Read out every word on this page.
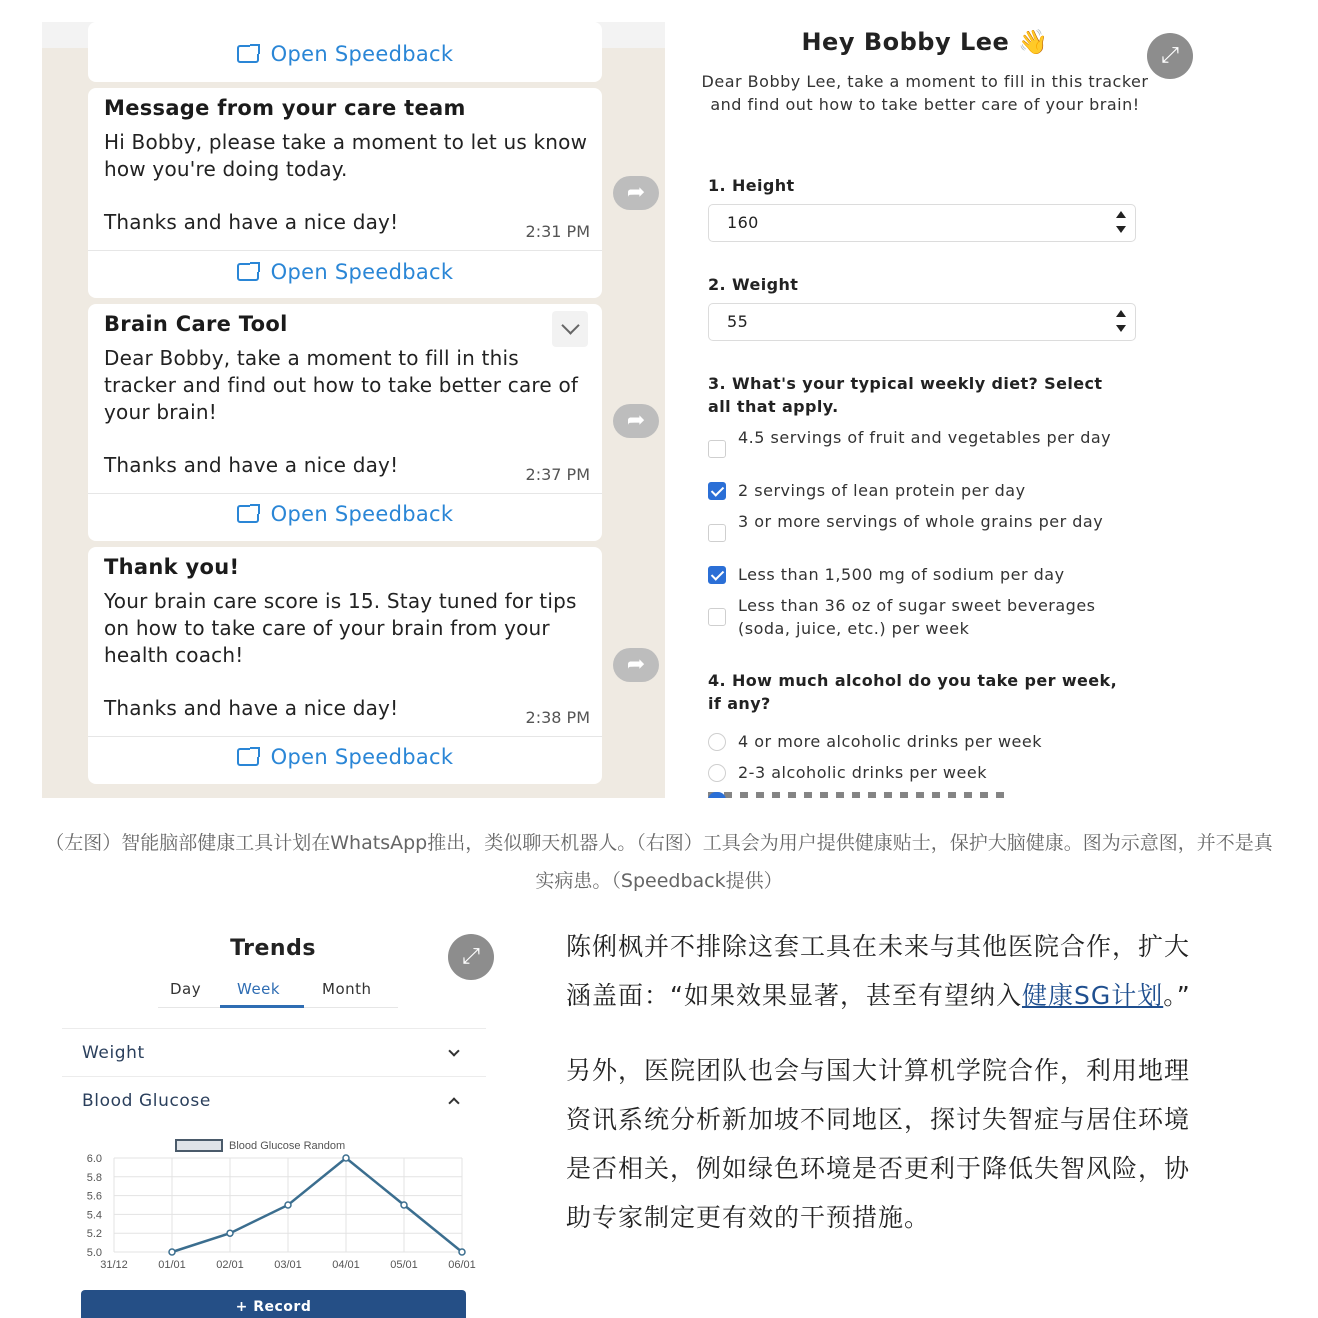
Open Speedback
Message from your care team
Hi Bobby, please take a moment to let us know how you're doing today.
Thanks and have a nice day!	2:31 PM
Open Speedback
➦
Brain Care Tool
Dear Bobby, take a moment to fill in this tracker and find out how to take better care of your brain!
Thanks and have a nice day!	2:37 PM
Open Speedback
➦
Thank you!
Your brain care score is 15. Stay tuned for tips on how to take care of your brain from your health coach!
Thanks and have a nice day!	2:38 PM
Open Speedback
➦
Hey Bobby Lee 👋	⤢
Dear Bobby Lee, take a moment to fill in this tracker and find out how to take better care of your brain!
1. Height
160
2. Weight
55
3. What's your typical weekly diet? Select all that apply.
4.5 servings of fruit and vegetables per day
2 servings of lean protein per day
3 or more servings of whole grains per day
Less than 1,500 mg of sodium per day
Less than 36 oz of sugar sweet beverages (soda, juice, etc.) per week
4. How much alcohol do you take per week, if any?
4 or more alcoholic drinks per week
2-3 alcoholic drinks per week
（左图）智能脑部健康工具计划在WhatsApp推出，类似聊天机器人。（右图）工具会为用户提供健康贴士，保护大脑健康。图为示意图，并不是真实病患。（Speedback提供）
Trends	⤢
Day Week	Month
Weight
Blood Glucose
Blood Glucose Random
6.0
5.8
5.6
5.4
5.2
5.0
31/12	01/01	02/01	03/01	04/01	05/01	06/01
+ Record

陈俐枫并不排除这套工具在未来与其他医院合作，扩大涵盖面：“如果效果显著，甚至有望纳入健康SG计划。”

另外，医院团队也会与国大计算机学院合作，利用地理资讯系统分析新加坡不同地区，探讨失智症与居住环境是否相关，例如绿色环境是否更利于降低失智风险，协助专家制定更有效的干预措施。
